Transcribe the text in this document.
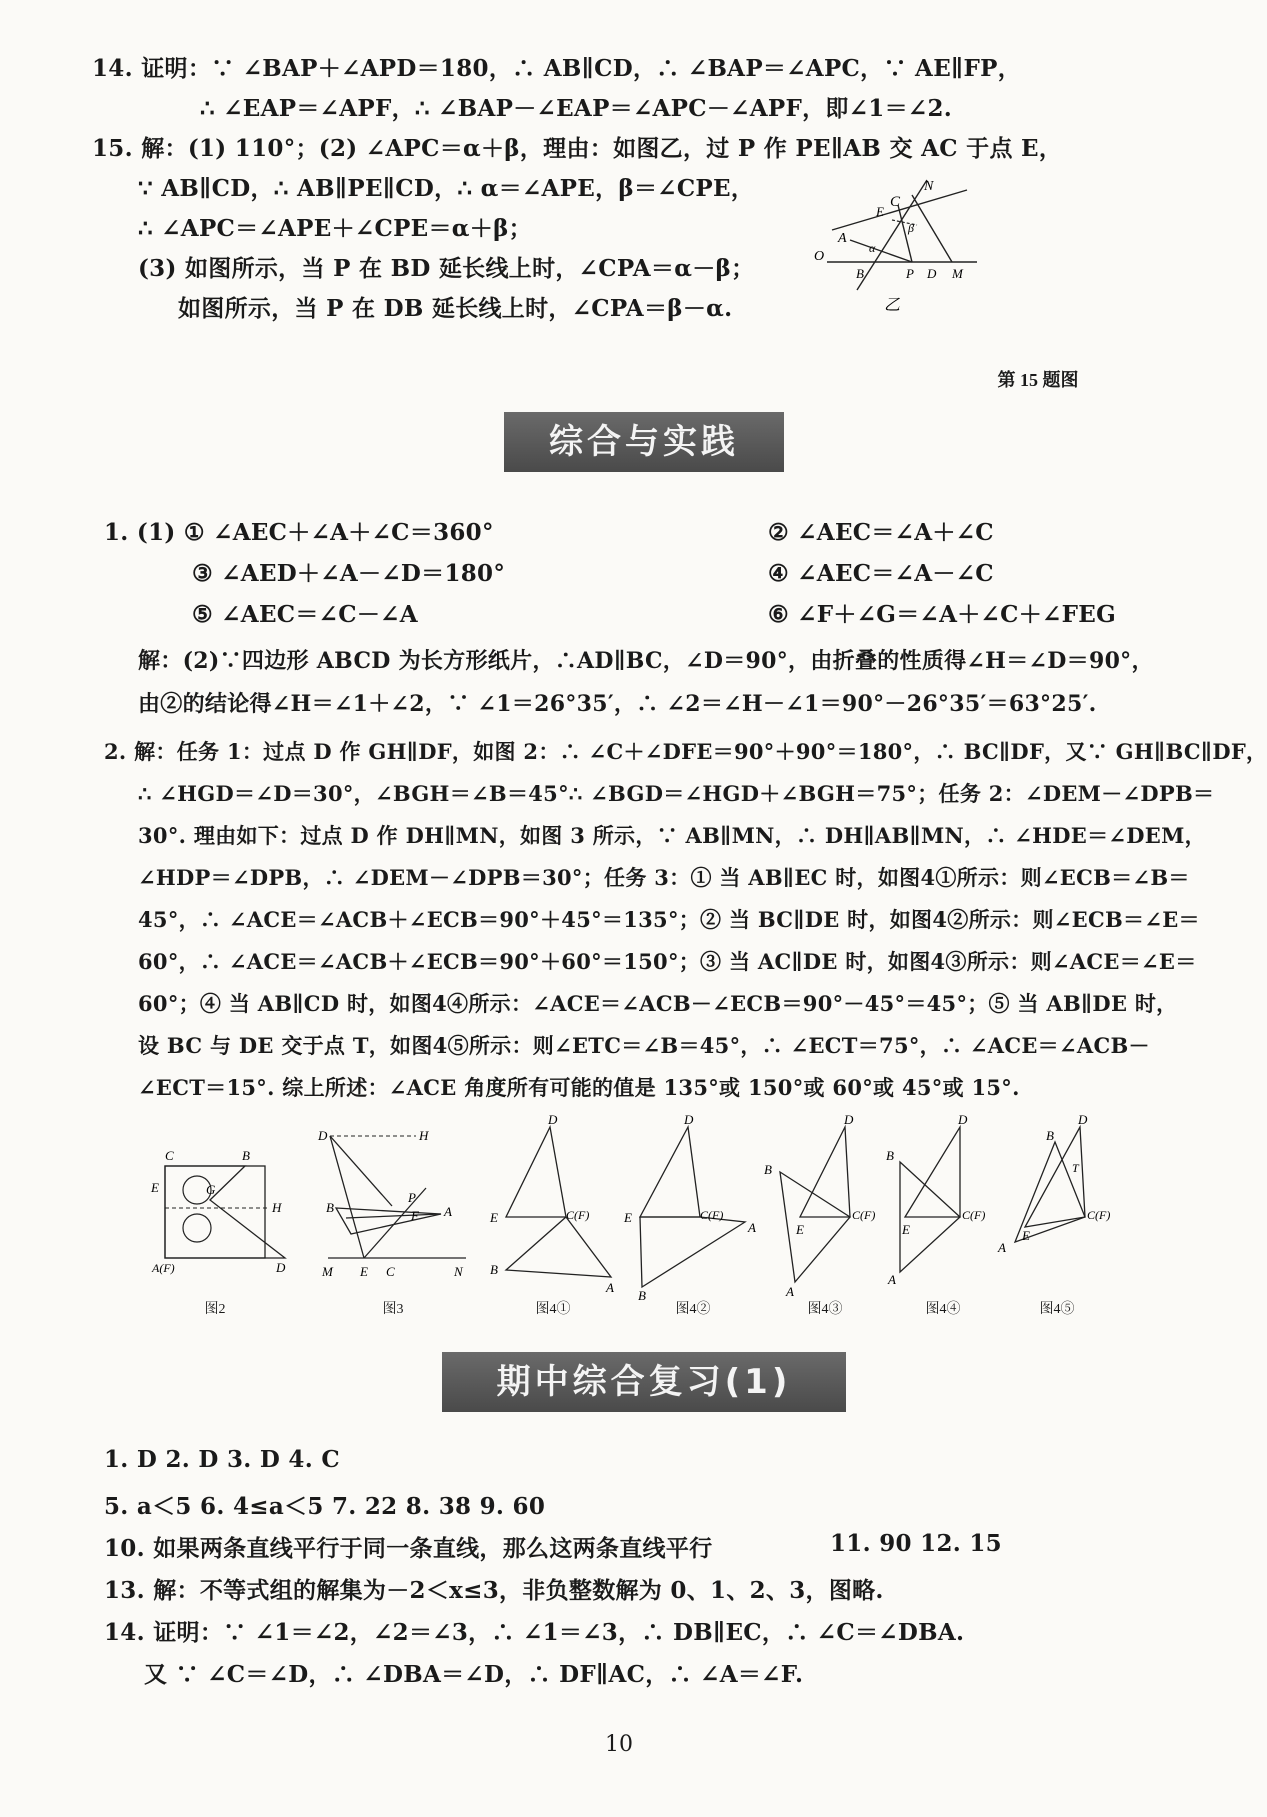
14. 证明：∵ ∠BAP＋∠APD＝180，∴ AB∥CD，∴ ∠BAP＝∠APC，∵ AE∥FP，
∴ ∠EAP＝∠APF，∴ ∠BAP－∠EAP＝∠APC－∠APF，即∠1＝∠2.
15. 解：(1) 110°；(2) ∠APC＝α＋β，理由：如图乙，过 P 作 PE∥AB 交 AC 于点 E，
∵ AB∥CD，∴ AB∥PE∥CD，∴ α＝∠APE，β＝∠CPE，
∴ ∠APC＝∠APE＋∠CPE＝α＋β；
(3) 如图所示，当 P 在 BD 延长线上时，∠CPA＝α－β；
如图所示，当 P 在 DB 延长线上时，∠CPA＝β－α.
N
C
E
A
α
β
O
B	P D M
乙
第 15 题图
综合与实践
1. (1) ① ∠AEC＋∠A＋∠C＝360°	② ∠AEC＝∠A＋∠C
③ ∠AED＋∠A－∠D＝180°	④ ∠AEC＝∠A－∠C
⑤ ∠AEC＝∠C－∠A	⑥ ∠F＋∠G＝∠A＋∠C＋∠FEG
解：(2)∵四边形 ABCD 为长方形纸片，∴AD∥BC，∠D＝90°，由折叠的性质得∠H＝∠D＝90°，
由②的结论得∠H＝∠1＋∠2，∵ ∠1＝26°35′，∴ ∠2＝∠H－∠1＝90°－26°35′＝63°25′.
2. 解：任务 1：过点 D 作 GH∥DF，如图 2：∴ ∠C＋∠DFE＝90°＋90°＝180°，∴ BC∥DF，又∵ GH∥BC∥DF，
∴ ∠HGD＝∠D＝30°，∠BGH＝∠B＝45°∴ ∠BGD＝∠HGD＋∠BGH＝75°；任务 2：∠DEM－∠DPB＝
30°. 理由如下：过点 D 作 DH∥MN，如图 3 所示，∵ AB∥MN，∴ DH∥AB∥MN，∴ ∠HDE＝∠DEM，
∠HDP＝∠DPB，∴ ∠DEM－∠DPB＝30°；任务 3：① 当 AB∥EC 时，如图4①所示：则∠ECB＝∠B＝
45°，∴ ∠ACE＝∠ACB＋∠ECB＝90°＋45°＝135°；② 当 BC∥DE 时，如图4②所示：则∠ECB＝∠E＝
60°，∴ ∠ACE＝∠ACB＋∠ECB＝90°＋60°＝150°；③ 当 AC∥DE 时，如图4③所示：则∠ACE＝∠E＝
60°；④ 当 AB∥CD 时，如图4④所示：∠ACE＝∠ACB－∠ECB＝90°－45°＝45°；⑤ 当 AB∥DE 时，
设 BC 与 DE 交于点 T，如图4⑤所示：则∠ETC＝∠B＝45°，∴ ∠ECT＝75°，∴ ∠ACE＝∠ACB－
∠ECT＝15°. 综上所述：∠ACE 角度所有可能的值是 135°或 150°或 60°或 45°或 15°.
C	B
E	G
H
A(F)	D
图2
D	H
B
P
F A
M E C	N
图3
D
E	C(F)
B
A
图4①
D
E	C(F)
A
B
图4②
D
B
C(F)
E
A
图4③
D
B
C(F)
E
A
图4④
D
B
T
C(F)
E
A
图4⑤
期中综合复习(1)
1. D 2. D 3. D 4. C
5. a＜5 6. 4≤a＜5 7. 22 8. 38 9. 60
10. 如果两条直线平行于同一条直线，那么这两条直线平行	11. 90 12. 15
13. 解：不等式组的解集为－2＜x≤3，非负整数解为 0、1、2、3，图略.
14. 证明：∵ ∠1＝∠2，∠2＝∠3，∴ ∠1＝∠3，∴ DB∥EC，∴ ∠C＝∠DBA.
又 ∵ ∠C＝∠D，∴ ∠DBA＝∠D，∴ DF∥AC，∴ ∠A＝∠F.
10
